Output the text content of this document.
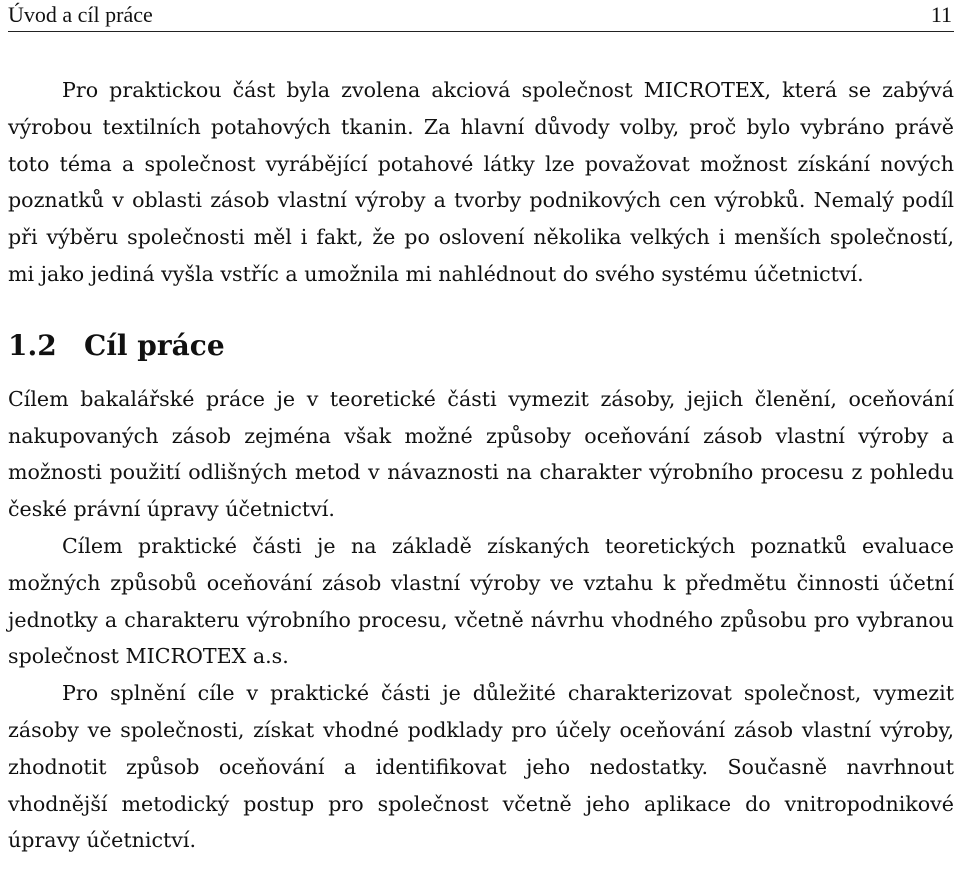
Úvod a cíl práce	11

Pro praktickou část byla zvolena akciová společnost MICROTEX, která se zabývá výrobou textilních potahových tkanin. Za hlavní důvody volby, proč bylo vybráno právě toto téma a společnost vyrábějící potahové látky lze považovat možnost získání nových poznatků v oblasti zásob vlastní výroby a tvorby podnikových cen výrobků. Nemalý podíl při výběru společnosti měl i fakt, že po oslovení několika velkých i menších společností, mi jako jediná vyšla vstříc a umožnila mi nahlédnout do svého systému účetnictví.

1.2 Cíl práce

Cílem bakalářské práce je v teoretické části vymezit zásoby, jejich členění, oceňování nakupovaných zásob zejména však možné způsoby oceňování zásob vlastní výroby a možnosti použití odlišných metod v návaznosti na charakter výrobního procesu z pohledu české právní úpravy účetnictví.

Cílem praktické části je na základě získaných teoretických poznatků evaluace možných způsobů oceňování zásob vlastní výroby ve vztahu k předmětu činnosti účetní jednotky a charakteru výrobního procesu, včetně návrhu vhodného způsobu pro vybranou společnost MICROTEX a.s.

Pro splnění cíle v praktické části je důležité charakterizovat společnost, vymezit zásoby ve společnosti, získat vhodné podklady pro účely oceňování zásob vlastní výroby, zhodnotit způsob oceňování a identifikovat jeho nedostatky. Současně navrhnout vhodnější metodický postup pro společnost včetně jeho aplikace do vnitropodnikové úpravy účetnictví.
